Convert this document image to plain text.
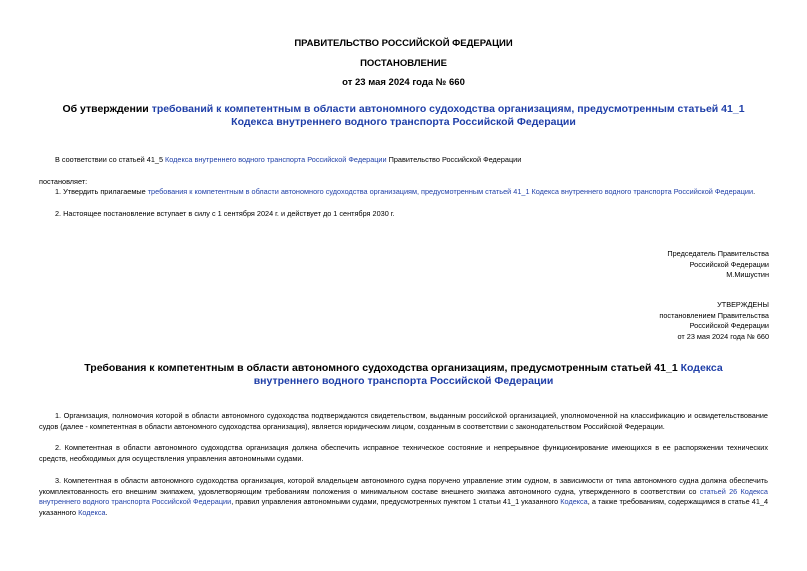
ПРАВИТЕЛЬСТВО РОССИЙСКОЙ ФЕДЕРАЦИИ
ПОСТАНОВЛЕНИЕ
от 23 мая 2024 года № 660
Об утверждении требований к компетентным в области автономного судоходства организациям, предусмотренным статьей 41_1 Кодекса внутреннего водного транспорта Российской Федерации
В соответствии со статьей 41_5 Кодекса внутреннего водного транспорта Российской Федерации Правительство Российской Федерации
постановляет:
1. Утвердить прилагаемые требования к компетентным в области автономного судоходства организациям, предусмотренным статьей 41_1 Кодекса внутреннего водного транспорта Российской Федерации.
2. Настоящее постановление вступает в силу с 1 сентября 2024 г. и действует до 1 сентября 2030 г.
Председатель Правительства
Российской Федерации
М.Мишустин
УТВЕРЖДЕНЫ
постановлением Правительства
Российской Федерации
от 23 мая 2024 года № 660
Требования к компетентным в области автономного судоходства организациям, предусмотренным статьей 41_1 Кодекса внутреннего водного транспорта Российской Федерации
1. Организация, полномочия которой в области автономного судоходства подтверждаются свидетельством, выданным российской организацией, уполномоченной на классификацию и освидетельствование судов (далее - компетентная в области автономного судоходства организация), является юридическим лицом, созданным в соответствии с законодательством Российской Федерации.
2. Компетентная в области автономного судоходства организация должна обеспечить исправное техническое состояние и непрерывное функционирование имеющихся в ее распоряжении технических средств, необходимых для осуществления управления автономными судами.
3. Компетентная в области автономного судоходства организация, которой владельцем автономного судна поручено управление этим судном, в зависимости от типа автономного судна должна обеспечить укомплектованность его внешним экипажем, удовлетворяющим требованиям положения о минимальном составе внешнего экипажа автономного судна, утвержденного в соответствии со статьей 26 Кодекса внутреннего водного транспорта Российской Федерации, правил управления автономными судами, предусмотренных пунктом 1 статьи 41_1 указанного Кодекса, а также требованиям, содержащимся в статье 41_4 указанного Кодекса.
